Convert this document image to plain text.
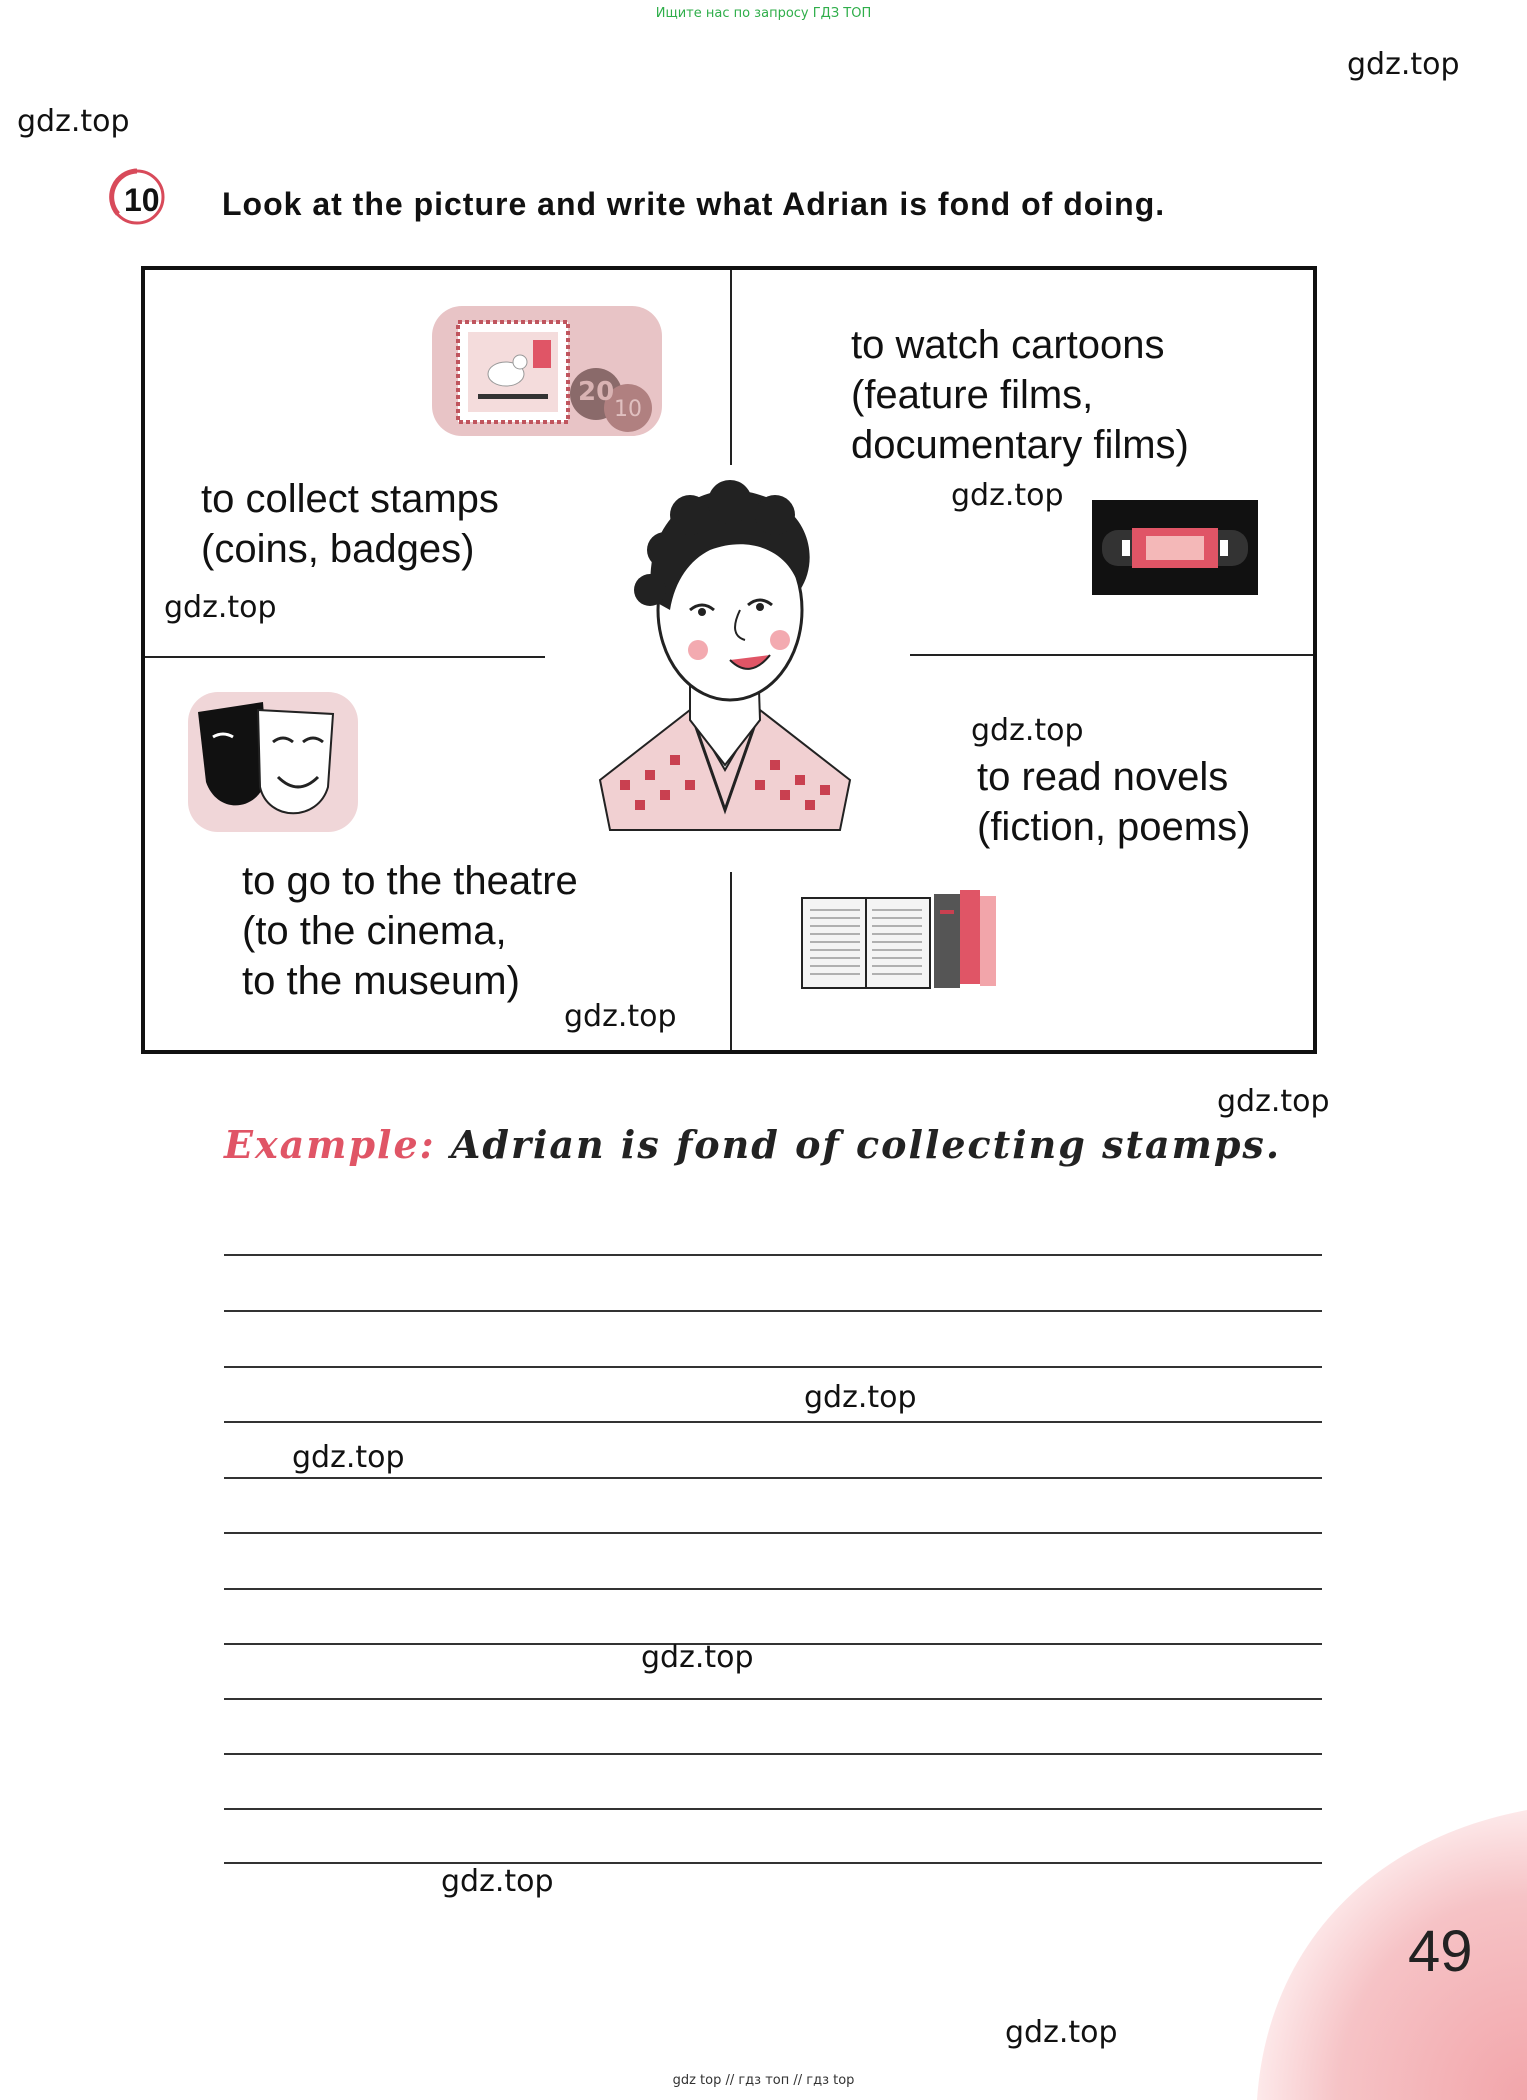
Ищите нас по запросу ГДЗ ТОП
gdz.top
gdz.top
10 Look at the picture and write what Adrian is fond of doing.
20
10
to collect stamps
(coins, badges)
gdz.top
to watch cartoons
(feature films,
documentary films)
gdz.top
to go to the theatre
(to the cinema,
to the museum)
gdz.top
gdz.top
to read novels
(fiction, poems)
gdz.top
Example: Adrian is fond of collecting stamps.
gdz.top
gdz.top
gdz.top
gdz.top
gdz.top
49
gdz top // гдз топ // гдз top
